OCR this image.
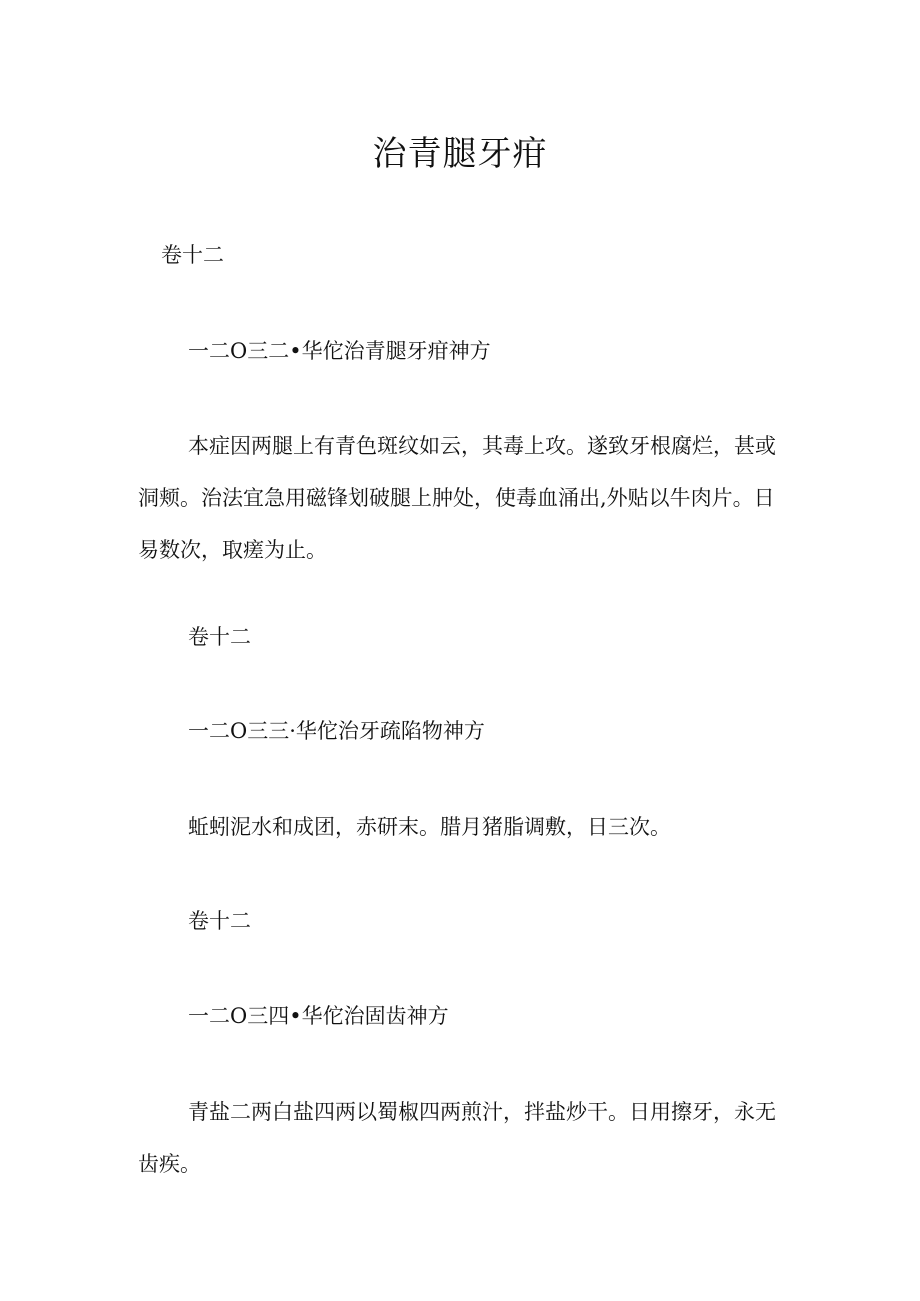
治青腿牙疳
卷十二
一二O三二•华佗治青腿牙疳神方
本症因两腿上有青色斑纹如云，其毒上攻。遂致牙根腐烂，甚或洞颊。治法宜急用磁锋划破腿上肿处，使毒血涌出,外贴以牛肉片。日易数次，取瘥为止。
卷十二
一二O三三·华佗治牙疏陷物神方
蚯蚓泥水和成团，赤研末。腊月猪脂调敷，日三次。
卷十二
一二O三四•华佗治固齿神方
青盐二两白盐四两以蜀椒四两煎汁，拌盐炒干。日用擦牙，永无齿疾。
